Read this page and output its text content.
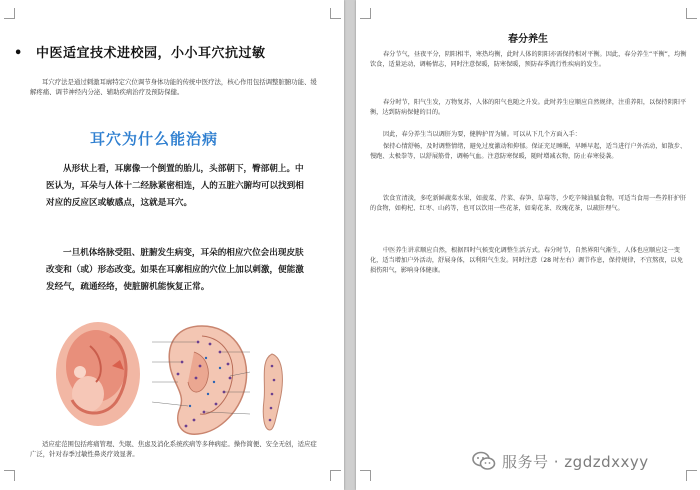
• 中医适宜技术进校园，小小耳穴抗过敏
耳穴疗法是通过刺激耳廓特定穴位调节身体功能的传统中医疗法，核心作用包括调整脏腑功能、缓解疼痛、调节神经内分泌、辅助疾病治疗及预防保健。
耳穴为什么能治病

从形状上看，耳廓像一个倒置的胎儿，头部朝下，臀部朝上。中医认为，耳朵与人体十二经脉紧密相连，人的五脏六腑均可以找到相对应的反应区或敏感点，这就是耳穴。

一旦机体络脉受阻、脏腑发生病变，耳朵的相应穴位会出现皮肤改变和（或）形态改变。如果在耳廓相应的穴位上加以刺激，便能激发经气，疏通经络，使脏腑机能恢复正常。

适应症范围包括疼痛管理、失眠、焦虑及消化系统疾病等多种病症。操作简便、安全无创，适应症广泛，针对春季过敏性鼻炎疗效显著。
春分养生

春分节气，昼夜平分，阴阳相半，寒热均衡，此时人体的阴阳亦需保持相对平衡。因此，春分养生“平衡”，均衡饮食，适量运动，调畅情志，同时注意保暖，防寒保暖，预防春季流行性疾病的发生。

春分时节，阳气生发，万物复苏，人体的阳气也随之升发。此时养生应顺应自然规律，注重养阳，以保持阴阳平衡，达到防病保健的目的。

因此，春分养生当以调肝为要，健脾护胃为辅。可以从下几个方面入手：

保持心情舒畅，及时调整情绪，避免过度激动和抑郁。保证充足睡眠，早睡早起，适当进行户外活动，如散步、慢跑、太极拳等，以舒展筋骨，调畅气血。注意防寒保暖，随时增减衣物，防止春寒侵袭。

饮食宜清淡，多吃新鲜蔬菜水果，如菠菜、芹菜、春笋、草莓等，少吃辛辣油腻食物。可适当食用一些养肝护肝的食物，如枸杞、红枣、山药等，也可以饮用一些花茶，如菊花茶、玫瑰花茶，以疏肝理气。

中医养生讲求顺应自然，根据四时气候变化调整生活方式。春分时节，自然界阳气渐生，人体也应顺应这一变化，适当增加户外活动，舒展身体，以利阳气生发。同时注意（28 时左右）调节作息，保持规律，不宜熬夜，以免损伤阳气，影响身体健康。

服务号 · zgdzdxxyy
